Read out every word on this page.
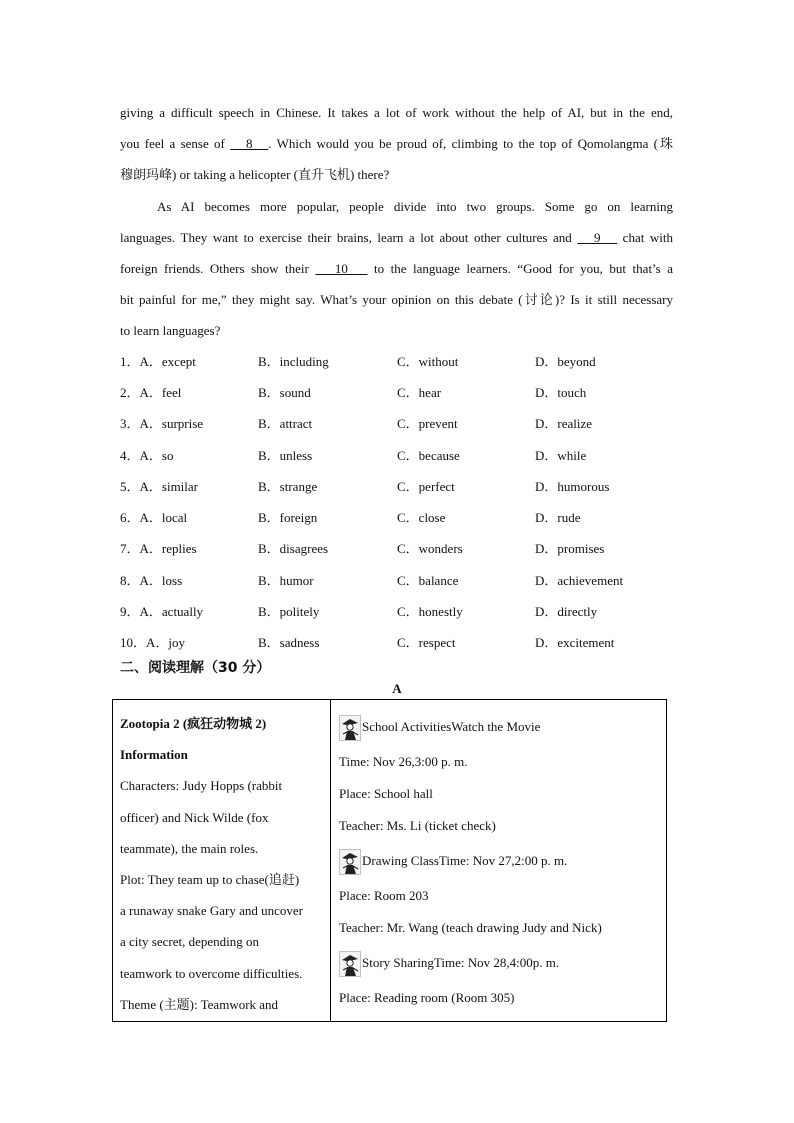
giving a difficult speech in Chinese. It takes a lot of work without the help of AI, but in the end,
you feel a sense of    8   . Which would you be proud of, climbing to the top of Qomolangma (珠
穆朗玛峰) or taking a helicopter (直升飞机) there?
As AI becomes more popular, people divide into two groups. Some go on learning
languages. They want to exercise their brains, learn a lot about other cultures and    9    chat with
foreign friends. Others show their    10    to the language learners. “Good for you, but that’s a
bit painful for me,” they might say. What’s your opinion on this debate (讨论)? Is it still necessary
to learn languages?
1．A．except	B．including	C．without	D．beyond
2．A．feel	B．sound	C．hear	D．touch
3．A．surprise	B．attract	C．prevent	D．realize
4．A．so	B．unless	C．because	D．while
5．A．similar	B．strange	C．perfect	D．humorous
6．A．local	B．foreign	C．close	D．rude
7．A．replies	B．disagrees	C．wonders	D．promises
8．A．loss	B．humor	C．balance	D．achievement
9．A．actually	B．politely	C．honestly	D．directly
10．A．joy	B．sadness	C．respect	D．excitement
二、阅读理解（30 分）
A
Zootopia 2 (疯狂动物城 2)
Information
Characters: Judy Hopps (rabbit
officer) and Nick Wilde (fox
teammate), the main roles.
Plot: They team up to chase(追赶)
a runaway snake Gary and uncover
a city secret, depending on
teamwork to overcome difficulties.
Theme (主题): Teamwork and
School ActivitiesWatch the Movie
Time: Nov 26,3:00 p. m.
Place: School hall
Teacher: Ms. Li (ticket check)
Drawing ClassTime: Nov 27,2:00 p. m.
Place: Room 203
Teacher: Mr. Wang (teach drawing Judy and Nick)
Story SharingTime: Nov 28,4:00p. m.
Place: Reading room (Room 305)
